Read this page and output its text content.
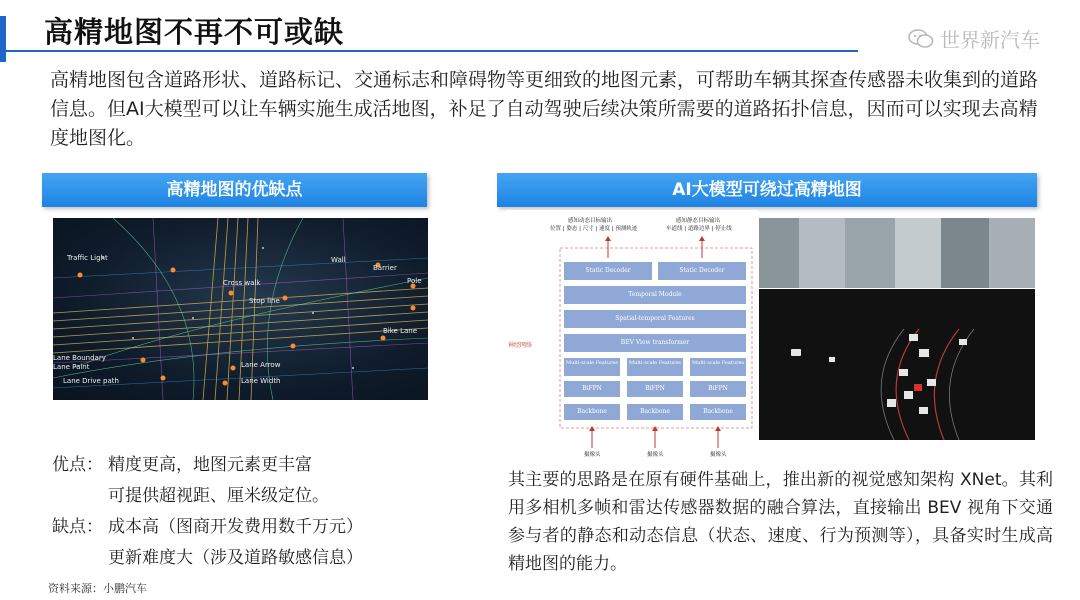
高精地图不再不可或缺	世界新汽车
高精地图包含道路形状、道路标记、交通标志和障碍物等更细致的地图元素，可帮助车辆其探查传感器未收集到的道路信息。但AI大模型可以让车辆实施生成活地图，补足了自动驾驶后续决策所需要的道路拓扑信息，因而可以实现去高精度地图化。
高精地图的优缺点	AI大模型可绕过高精地图
Traffic Light	Wall
Barrier
Cross walk	Pole
Stop line
Bike Lane
Lane Boundary
Lane Paint	Lane Arrow
Lane Drive path	Lane Width
优点： 精度更高，地图元素更丰富
可提供超视距、厘米级定位。
缺点： 成本高（图商开发费用数千万元）
更新难度大（涉及道路敏感信息）
感知动态目标输出
位置 | 姿态 | 尺寸 | 速度 | 预测轨迹
感知静态目标输出
车道线 | 道路边界 | 停止线
Static Decoder	Static Decoder
Temporal Module
Spatial-temporal Features
BEV View transformer
神经网络
Multi-scale Features	Multi-scale Features	Multi-scale Features
BiFPN	BiFPN	BiFPN
Backbone	Backbone	Backbone
摄像头	摄像头	摄像头
其主要的思路是在原有硬件基础上，推出新的视觉感知架构 XNet。其利用多相机多帧和雷达传感器数据的融合算法，直接输出 BEV 视角下交通参与者的静态和动态信息（状态、速度、行为预测等），具备实时生成高精地图的能力。
资料来源：小鹏汽车
